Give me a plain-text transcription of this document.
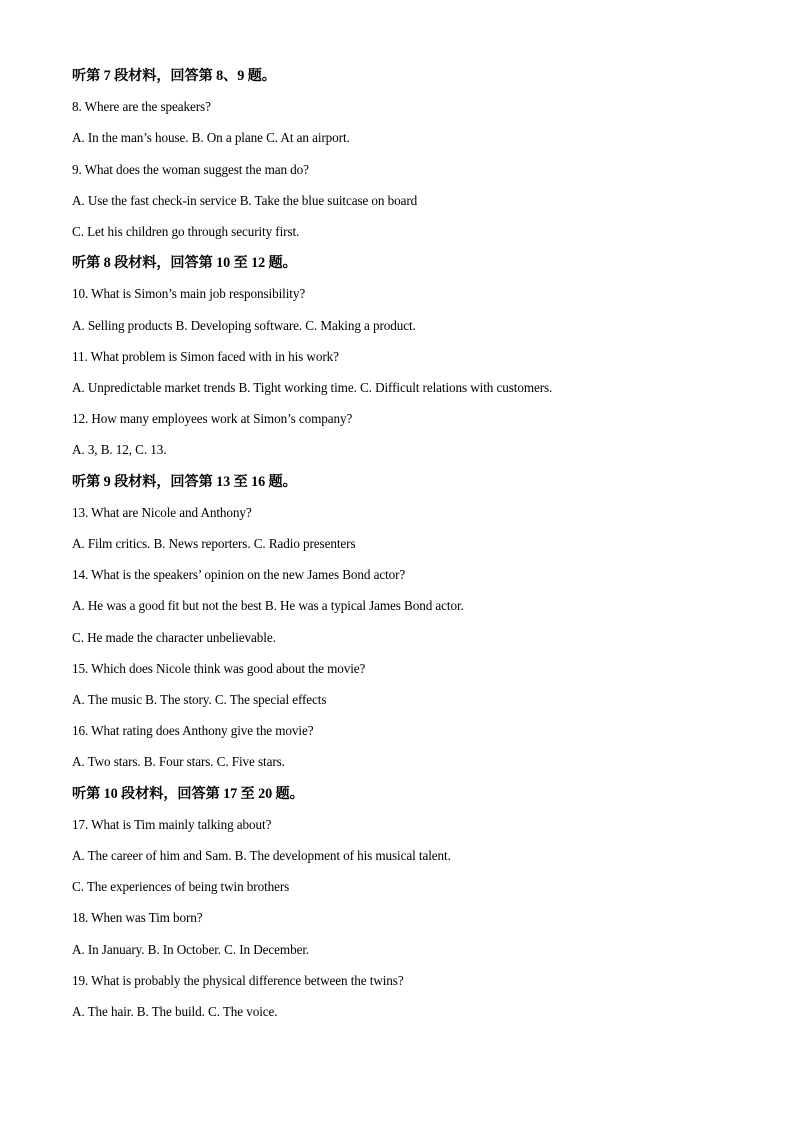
听第 7 段材料，回答第 8、9 题。
8. Where are the speakers?
A. In the man’s house. B. On a plane C. At an airport.
9. What does the woman suggest the man do?
A. Use the fast check-in service B. Take the blue suitcase on board
C. Let his children go through security first.
听第 8 段材料，回答第 10 至 12 题。
10. What is Simon’s main job responsibility?
A. Selling products B. Developing software. C. Making a product.
11. What problem is Simon faced with in his work?
A. Unpredictable market trends B. Tight working time. C. Difficult relations with customers.
12. How many employees work at Simon’s company?
A. 3, B. 12, C. 13.
听第 9 段材料，回答第 13 至 16 题。
13. What are Nicole and Anthony?
A. Film critics. B. News reporters. C. Radio presenters
14. What is the speakers’ opinion on the new James Bond actor?
A. He was a good fit but not the best B. He was a typical James Bond actor.
C. He made the character unbelievable.
15. Which does Nicole think was good about the movie?
A. The music B. The story. C. The special effects
16. What rating does Anthony give the movie?
A. Two stars. B. Four stars. C. Five stars.
听第 10 段材料，回答第 17 至 20 题。
17. What is Tim mainly talking about?
A. The career of him and Sam. B. The development of his musical talent.
C. The experiences of being twin brothers
18. When was Tim born?
A. In January. B. In October. C. In December.
19. What is probably the physical difference between the twins?
A. The hair. B. The build. C. The voice.
